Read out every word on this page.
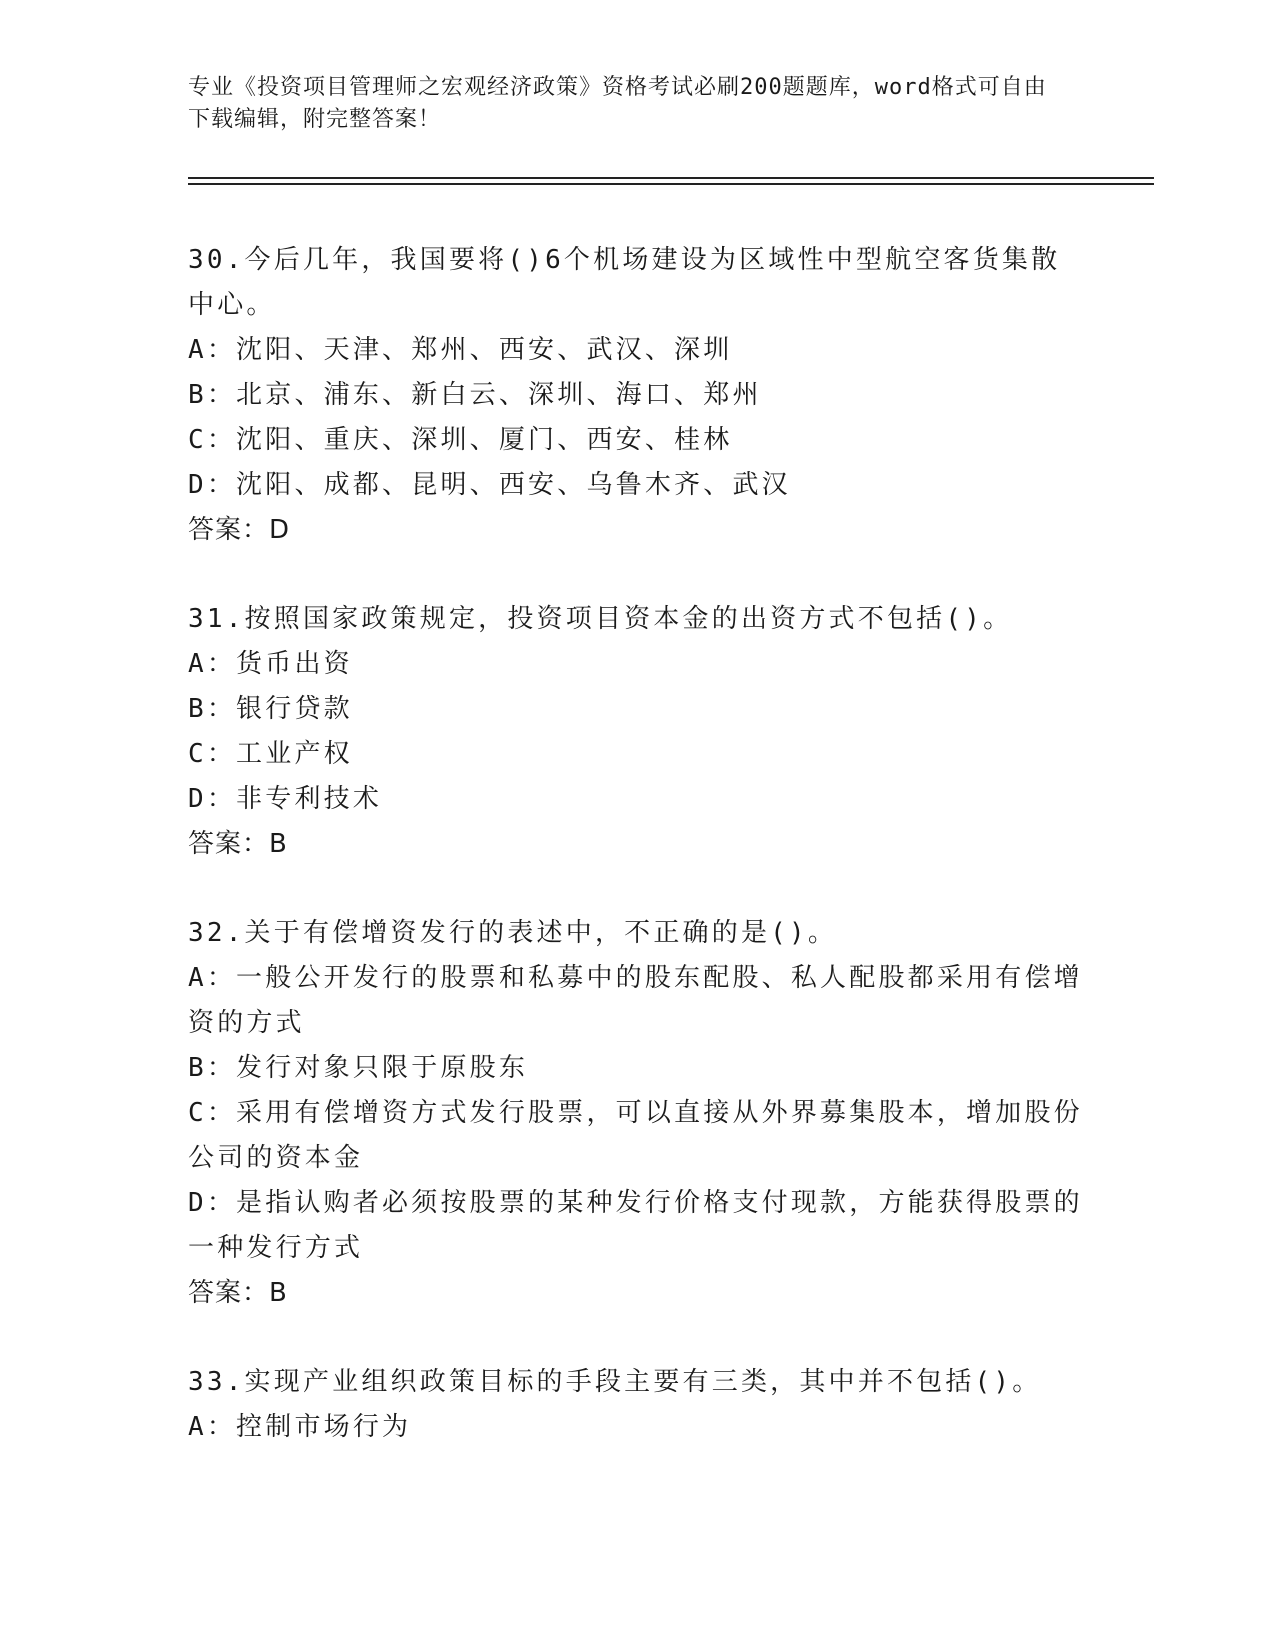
专业《投资项目管理师之宏观经济政策》资格考试必刷200题题库，word格式可自由下载编辑，附完整答案！

30.今后几年，我国要将()6个机场建设为区域性中型航空客货集散中心。

A：沈阳、天津、郑州、西安、武汉、深圳

B：北京、浦东、新白云、深圳、海口、郑州

C：沈阳、重庆、深圳、厦门、西安、桂林

D：沈阳、成都、昆明、西安、乌鲁木齐、武汉

答案：D

31.按照国家政策规定，投资项目资本金的出资方式不包括()。

A：货币出资

B：银行贷款

C：工业产权

D：非专利技术

答案：B

32.关于有偿增资发行的表述中，不正确的是()。

A：一般公开发行的股票和私募中的股东配股、私人配股都采用有偿增资的方式

B：发行对象只限于原股东

C：采用有偿增资方式发行股票，可以直接从外界募集股本，增加股份公司的资本金

D：是指认购者必须按股票的某种发行价格支付现款，方能获得股票的一种发行方式

答案：B

33.实现产业组织政策目标的手段主要有三类，其中并不包括()。

A：控制市场行为
